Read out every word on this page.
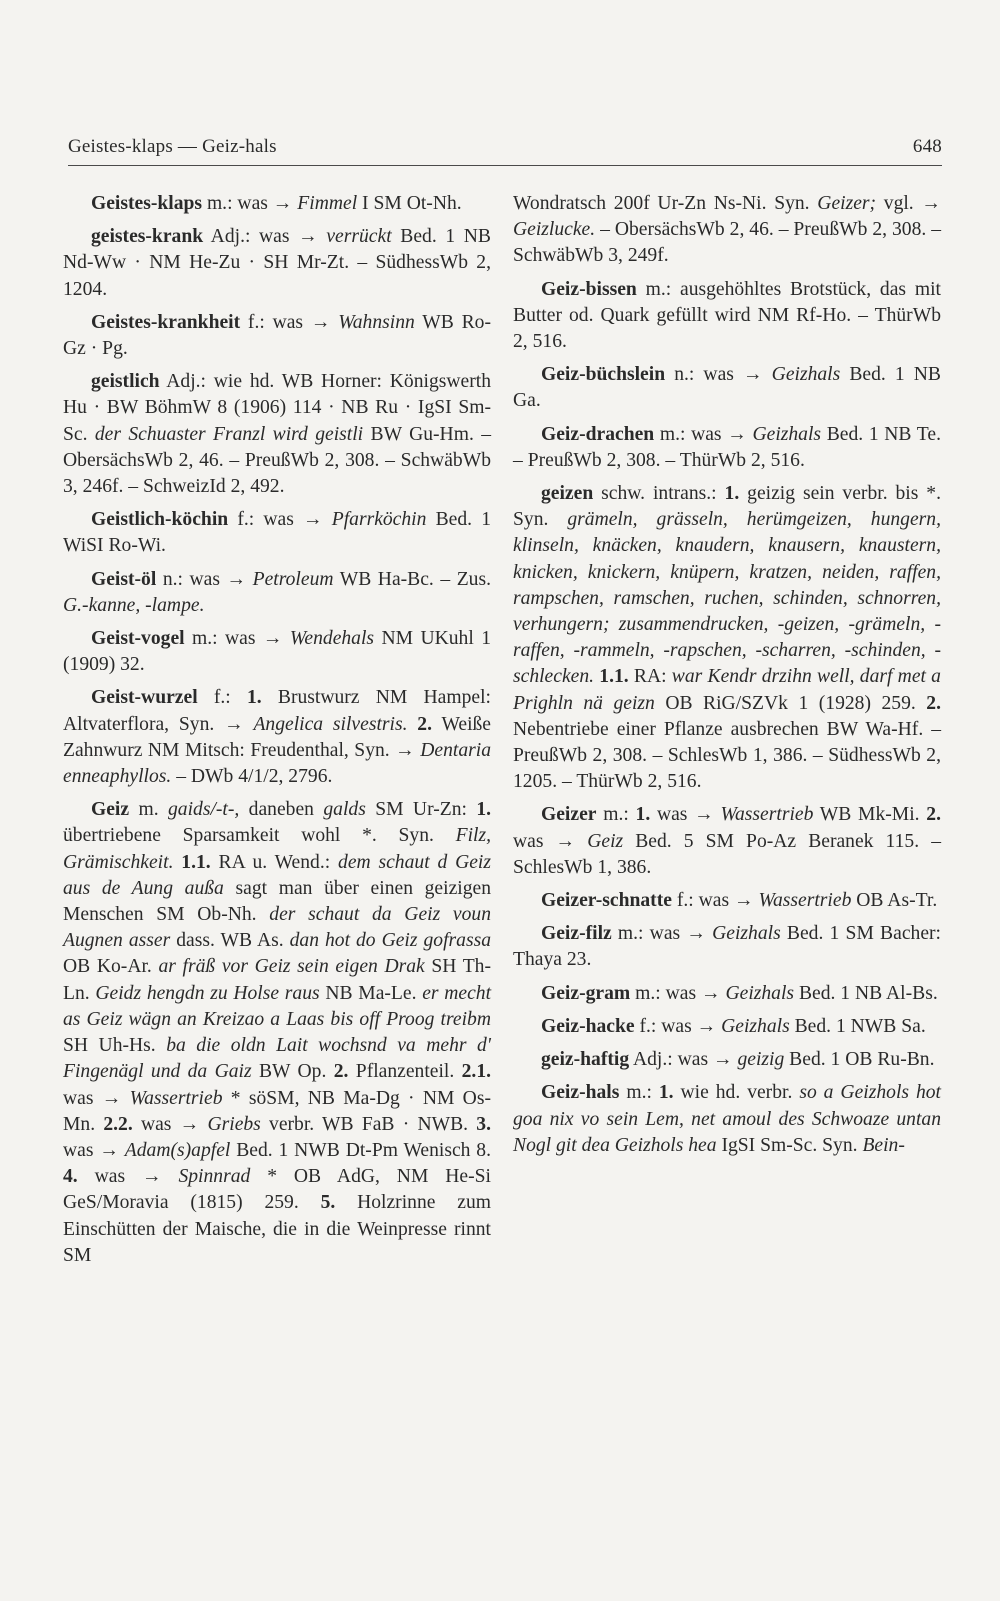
Geistes-klaps — Geiz-hals	648

Geistes-klaps m.: was → Fimmel I SM Ot-Nh.

geistes-krank Adj.: was → verrückt Bed. 1 NB Nd-Ww · NM He-Zu · SH Mr-Zt. – SüdhessWb 2, 1204.

Geistes-krankheit f.: was → Wahnsinn WB Ro-Gz · Pg.

geistlich Adj.: wie hd. WB Horner: Königswerth Hu · BW BöhmW 8 (1906) 114 · NB Ru · IgSI Sm-Sc. der Schuaster Franzl wird geistli BW Gu-Hm. – ObersächsWb 2, 46. – PreußWb 2, 308. – SchwäbWb 3, 246f. – SchweizId 2, 492.

Geistlich-köchin f.: was → Pfarrköchin Bed. 1 WiSI Ro-Wi.

Geist-öl n.: was → Petroleum WB Ha-Bc. – Zus. G.-kanne, -lampe.

Geist-vogel m.: was → Wendehals NM UKuhl 1 (1909) 32.

Geist-wurzel f.: 1. Brustwurz NM Hampel: Altvaterflora, Syn. → Angelica silvestris. 2. Weiße Zahnwurz NM Mitsch: Freudenthal, Syn. → Dentaria enneaphyllos. – DWb 4/1/2, 2796.

Geiz m. gaids/-t-, daneben galds SM Ur-Zn: 1. übertriebene Sparsamkeit wohl *. Syn. Filz, Grämischkeit. 1.1. RA u. Wend.: dem schaut d Geiz aus de Aung außa sagt man über einen geizigen Menschen SM Ob-Nh. der schaut da Geiz voun Augnen asser dass. WB As. dan hot do Geiz gofrassa OB Ko-Ar. ar fräß vor Geiz sein eigen Drak SH Th-Ln. Geidz hengdn zu Holse raus NB Ma-Le. er mecht as Geiz wägn an Kreizao a Laas bis off Proog treibm SH Uh-Hs. ba die oldn Lait wochsnd va mehr d' Fingenägl und da Gaiz BW Op. 2. Pflanzenteil. 2.1. was → Wassertrieb * söSM, NB Ma-Dg · NM Os-Mn. 2.2. was → Griebs verbr. WB FaB · NWB. 3. was → Adam(s)apfel Bed. 1 NWB Dt-Pm Wenisch 8. 4. was → Spinnrad * OB AdG, NM He-Si GeS/Moravia (1815) 259. 5. Holzrinne zum Einschütten der Maische, die in die Weinpresse rinnt SM

Wondratsch 200f Ur-Zn Ns-Ni. Syn. Geizer; vgl. → Geizlucke. – ObersächsWb 2, 46. – PreußWb 2, 308. – SchwäbWb 3, 249f.

Geiz-bissen m.: ausgehöhltes Brotstück, das mit Butter od. Quark gefüllt wird NM Rf-Ho. – ThürWb 2, 516.

Geiz-büchslein n.: was → Geizhals Bed. 1 NB Ga.

Geiz-drachen m.: was → Geizhals Bed. 1 NB Te. – PreußWb 2, 308. – ThürWb 2, 516.

geizen schw. intrans.: 1. geizig sein verbr. bis *. Syn. grämeln, grässeln, herümgeizen, hungern, klinseln, knäcken, knaudern, knausern, knaustern, knicken, knickern, knüpern, kratzen, neiden, raffen, rampschen, ramschen, ruchen, schinden, schnorren, verhungern; zusammendrucken, -geizen, -grämeln, -raffen, -rammeln, -rapschen, -scharren, -schinden, -schlecken. 1.1. RA: war Kendr drzihn well, darf met a Prighln nä geizn OB RiG/SZVk 1 (1928) 259. 2. Nebentriebe einer Pflanze ausbrechen BW Wa-Hf. – PreußWb 2, 308. – SchlesWb 1, 386. – SüdhessWb 2, 1205. – ThürWb 2, 516.

Geizer m.: 1. was → Wassertrieb WB Mk-Mi. 2. was → Geiz Bed. 5 SM Po-Az Beranek 115. – SchlesWb 1, 386.

Geizer-schnatte f.: was → Wassertrieb OB As-Tr.

Geiz-filz m.: was → Geizhals Bed. 1 SM Bacher: Thaya 23.

Geiz-gram m.: was → Geizhals Bed. 1 NB Al-Bs.

Geiz-hacke f.: was → Geizhals Bed. 1 NWB Sa.

geiz-haftig Adj.: was → geizig Bed. 1 OB Ru-Bn.

Geiz-hals m.: 1. wie hd. verbr. so a Geizhols hot goa nix vo sein Lem, net amoul des Schwoaze untan Nogl git dea Geizhols hea IgSI Sm-Sc. Syn. Bein-
